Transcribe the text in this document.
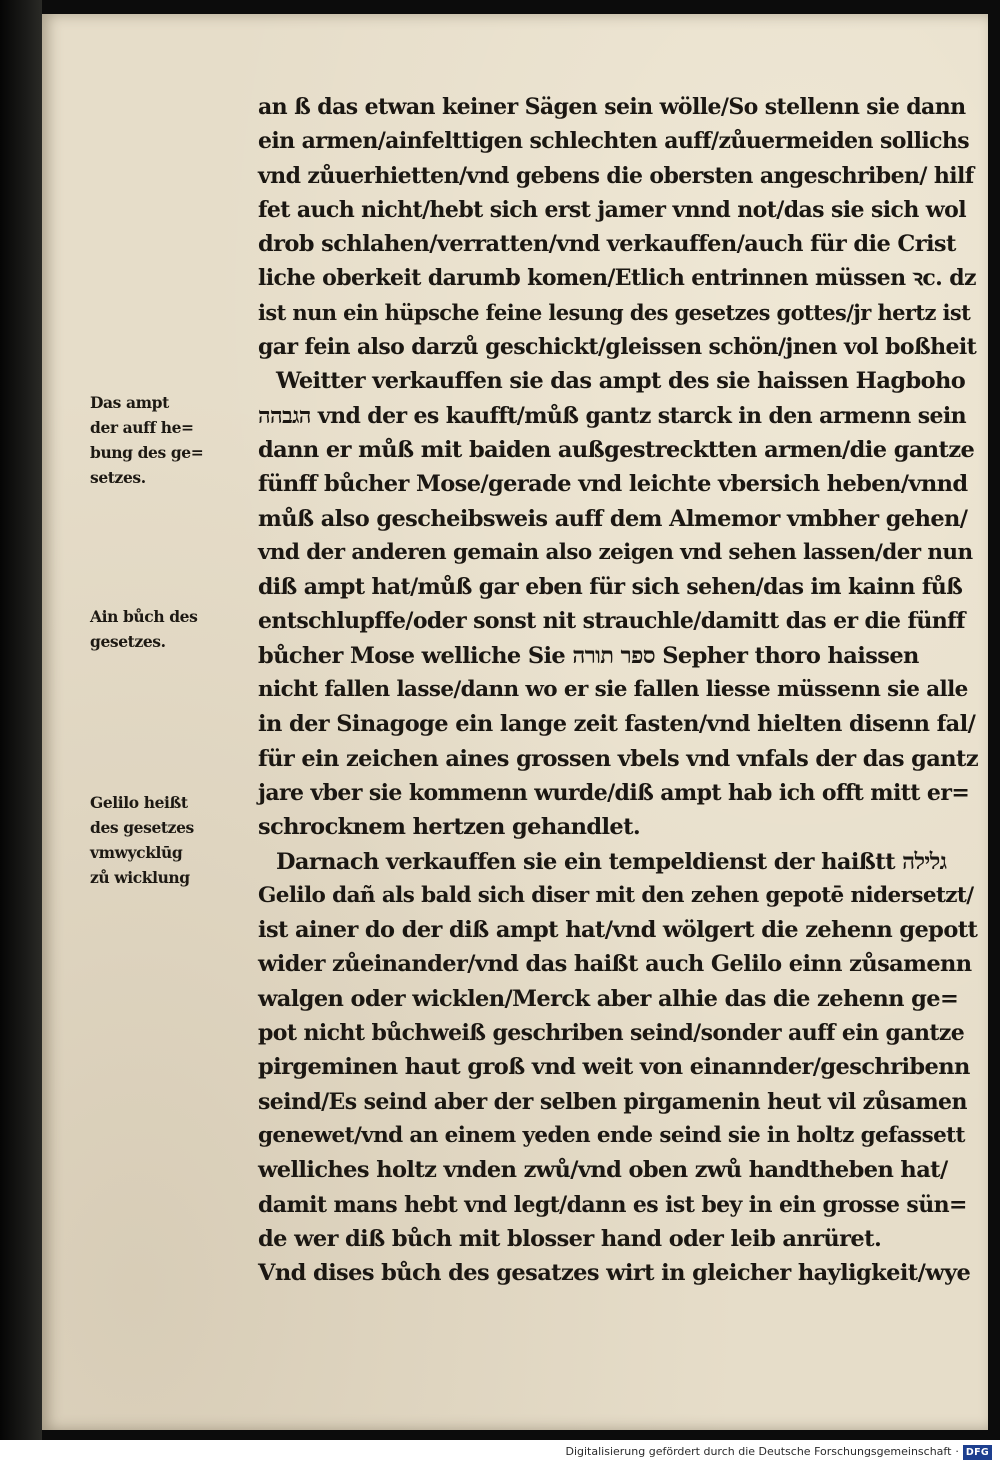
an ß das etwan keiner Sägen sein wölle/So stellenn sie dann
ein armen/ainfelttigen schlechten auff/zůuermeiden sollichs
vnd zůuerhietten/vnd gebens die obersten angeschriben/ hilf
fet auch nicht/hebt sich erst jamer vnnd not/das sie sich wol
drob schlahen/verratten/vnd verkauffen/auch für die Crist
liche oberkeit darumb komen/Etlich entrinnen müssen ꝛc. dz
ist nun ein hüpsche feine lesung des gesetzes gottes/jr hertz ist
gar fein also darzů geschickt/gleissen schön/jnen vol boßheit
Weitter verkauffen sie das ampt des sie haissen Hagboho
הגבהה vnd der es kaufft/můß gantz starck in den armenn sein
dann er můß mit baiden außgestrecktten armen/die gantze
fünff bůcher Mose/gerade vnd leichte vbersich heben/vnnd
můß also gescheibsweis auff dem Almemor vmbher gehen/
vnd der anderen gemain also zeigen vnd sehen lassen/der nun
diß ampt hat/můß gar eben für sich sehen/das im kainn fůß
entschlupffe/oder sonst nit strauchle/damitt das er die fünff
bůcher Mose welliche Sie ספר תורה Sepher thoro haissen
nicht fallen lasse/dann wo er sie fallen liesse müssenn sie alle
in der Sinagoge ein lange zeit fasten/vnd hielten disenn fal/
für ein zeichen aines grossen vbels vnd vnfals der das gantz
jare vber sie kommenn wurde/diß ampt hab ich offt mitt er=
schrocknem hertzen gehandlet.
Darnach verkauffen sie ein tempeldienst der haißtt גלילה
Gelilo dañ als bald sich diser mit den zehen gepotē nidersetzt/
ist ainer do der diß ampt hat/vnd wölgert die zehenn gepott
wider zůeinander/vnd das haißt auch Gelilo einn zůsamenn
walgen oder wicklen/Merck aber alhie das die zehenn ge=
pot nicht bůchweiß geschriben seind/sonder auff ein gantze
pirgeminen haut groß vnd weit von einannder/geschribenn
seind/Es seind aber der selben pirgamenin heut vil zůsamen
genewet/vnd an einem yeden ende seind sie in holtz gefassett
welliches holtz vnden zwů/vnd oben zwů handtheben hat/
damit mans hebt vnd legt/dann es ist bey in ein grosse sün=
de wer diß bůch mit blosser hand oder leib anrüret.
Vnd dises bůch des gesatzes wirt in gleicher hayligkeit/wye
Das ampt
der auff he=
bung des ge=
setzes.
Ain bůch des
gesetzes.
Gelilo heißt
des gesetzes
vmwycklūg
zů wicklung
Digitalisierung gefördert durch die Deutsche Forschungsgemeinschaft · DFG
